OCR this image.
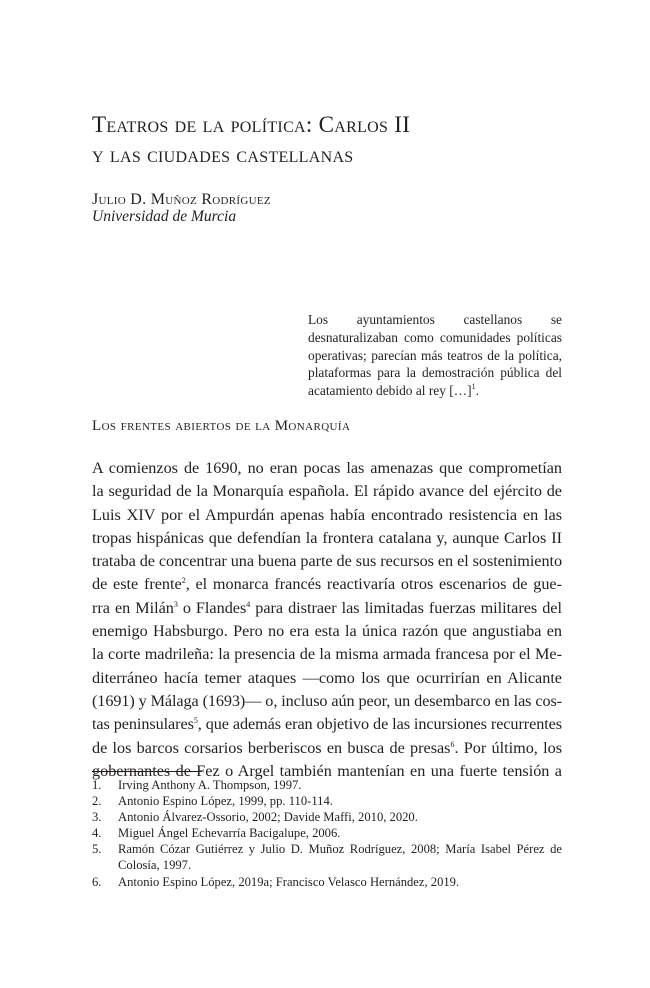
Teatros de la política: Carlos II
y las ciudades castellanas
Julio D. Muñoz Rodríguez
Universidad de Murcia
Los ayuntamientos castellanos se desnaturalizaban como comunidades políticas operativas; parecían más teatros de la política, plataformas para la demostración pública del acatamiento debido al rey […]$^1$.
Los frentes abiertos de la Monarquía
A comienzos de 1690, no eran pocas las amenazas que comprometían
la seguridad de la Monarquía española. El rápido avance del ejército de
Luis XIV por el Ampurdán apenas había encontrado resistencia en las
tropas hispánicas que defendían la frontera catalana y, aunque Carlos II
trataba de concentrar una buena parte de sus recursos en el sostenimiento
de este frente$^2$, el monarca francés reactivaría otros escenarios de gue-
rra en Milán$^3$ o Flandes$^4$ para distraer las limitadas fuerzas militares del
enemigo Habsburgo. Pero no era esta la única razón que angustiaba en
la corte madrileña: la presencia de la misma armada francesa por el Me-
diterráneo hacía temer ataques —como los que ocurrirían en Alicante
(1691) y Málaga (1693)— o, incluso aún peor, un desembarco en las cos-
tas peninsulares$^5$, que además eran objetivo de las incursiones recurrentes
de los barcos corsarios berberiscos en busca de presas$^6$. Por último, los
gobernantes de Fez o Argel también mantenían en una fuerte tensión a
1.	Irving Anthony A. Thompson, 1997.
2.	Antonio Espino López, 1999, pp. 110-114.
3.	Antonio Álvarez-Ossorio, 2002; Davide Maffi, 2010, 2020.
4.	Miguel Ángel Echevarría Bacigalupe, 2006.
5.	Ramón Cózar Gutiérrez y Julio D. Muñoz Rodríguez, 2008; María Isabel Pérez de Colosía, 1997.
6.	Antonio Espino López, 2019a; Francisco Velasco Hernández, 2019.
